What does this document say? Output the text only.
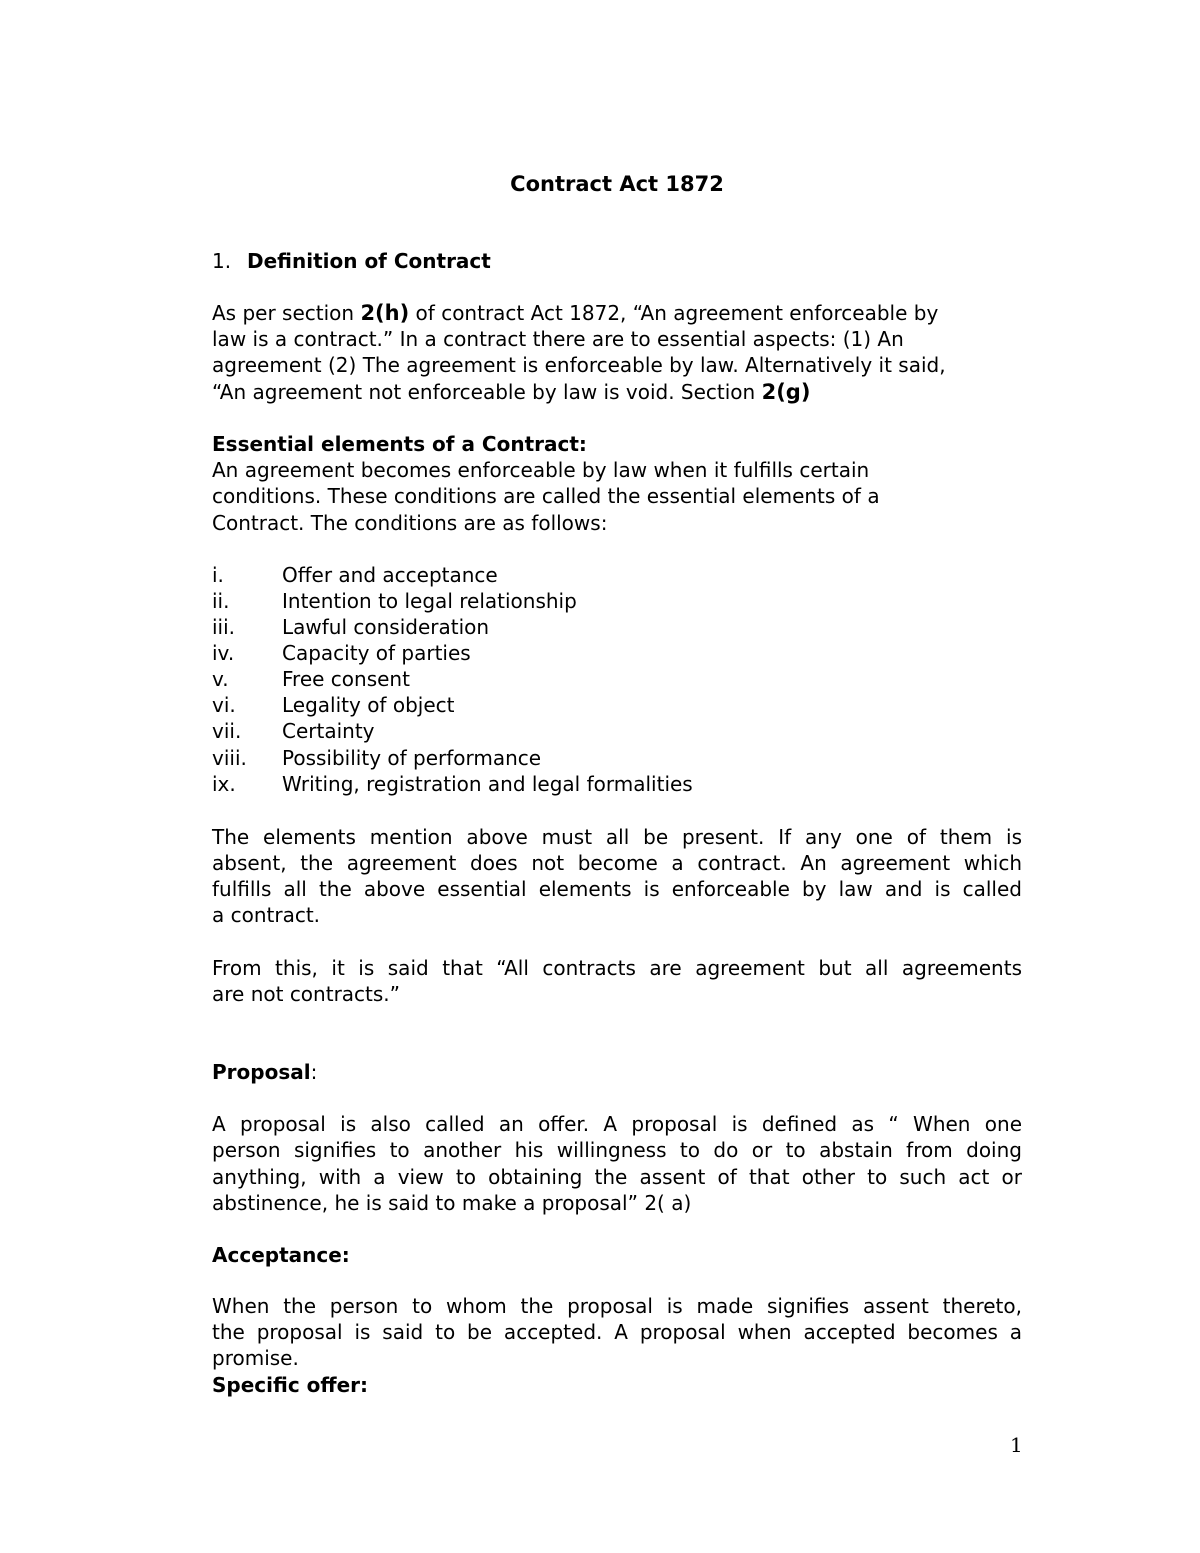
Contract Act 1872
1. Definition of Contract
As per section 2(h) of contract Act 1872, “An agreement enforceable by
law is a contract.” In a contract there are to essential aspects: (1) An
agreement (2) The agreement is enforceable by law. Alternatively it said,
“An agreement not enforceable by law is void. Section 2(g)
Essential elements of a Contract:
An agreement becomes enforceable by law when it fulfills certain
conditions. These conditions are called the essential elements of a
Contract. The conditions are as follows:
i.	Offer and acceptance
ii.	Intention to legal relationship
iii. Lawful consideration
iv. Capacity of parties
v.	Free consent
vi. Legality of object
vii. Certainty
viii. Possibility of performance
ix. Writing, registration and legal formalities
The elements mention above must all be present. If any one of them is
absent, the agreement does not become a contract. An agreement which
fulfills all the above essential elements is enforceable by law and is called
a contract.
From this, it is said that “All contracts are agreement but all agreements
are not contracts.”
Proposal:
A proposal is also called an offer. A proposal is defined as “ When one
person signifies to another his willingness to do or to abstain from doing
anything, with a view to obtaining the assent of that other to such act or
abstinence, he is said to make a proposal” 2( a)
Acceptance:
When the person to whom the proposal is made signifies assent thereto,
the proposal is said to be accepted. A proposal when accepted becomes a
promise.
Specific offer:
1
